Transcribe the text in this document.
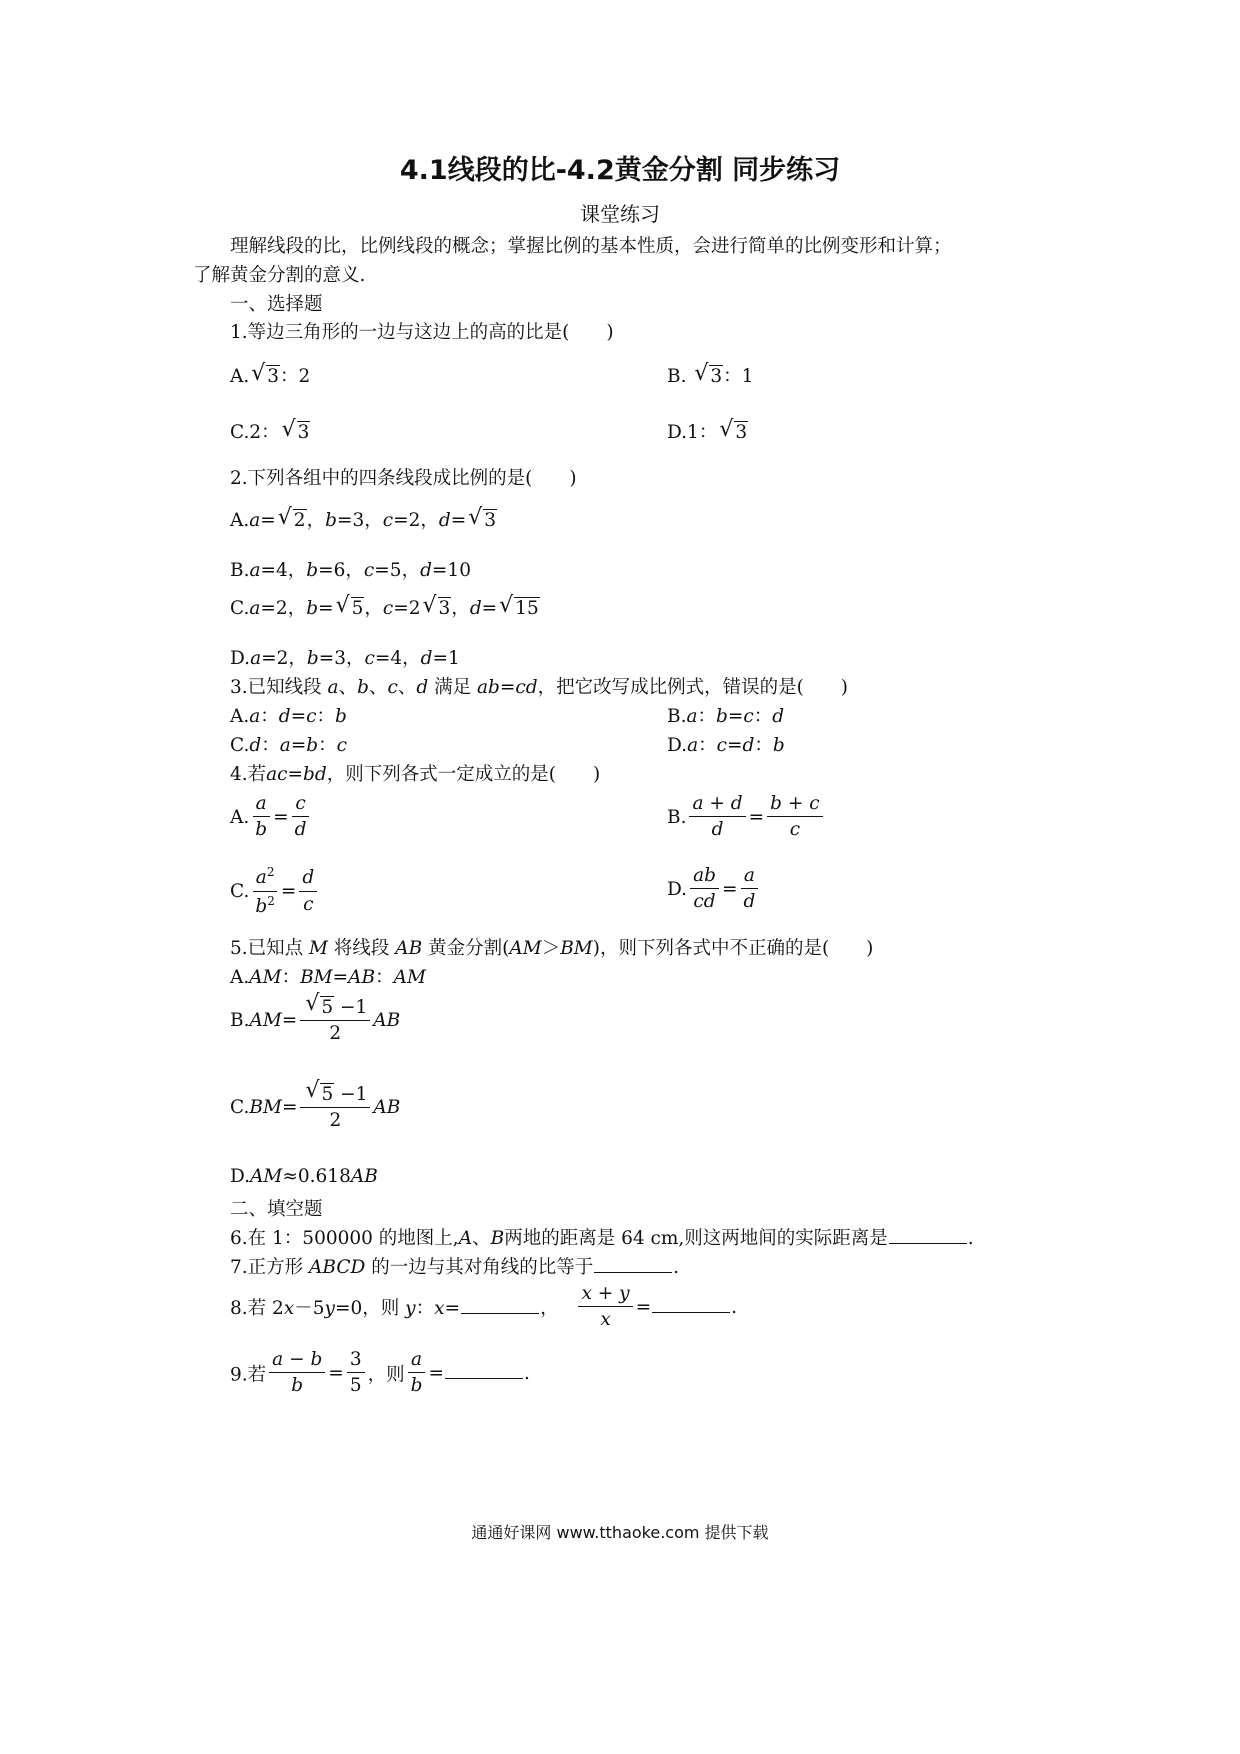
4.1线段的比-4.2黄金分割 同步练习
课堂练习
理解线段的比，比例线段的概念；掌握比例的基本性质，会进行简单的比例变形和计算；
了解黄金分割的意义.
一、选择题
1.等边三角形的一边与这边上的高的比是(　　)
A. √ 3：2	B. √ 3：1
C.2： √ 3	D.1： √ 3
2.下列各组中的四条线段成比例的是(　　)
A.a= √ 2，b=3，c=2，d= √ 3
B.a=4，b=6，c=5，d=10
C.a=2，b= √ 5，c=2 √ 3，d= √ 15
D.a=2，b=3，c=4，d=1
3.已知线段 a、b、c、d 满足 ab=cd，把它改写成比例式，错误的是(　　)
A.a：d=c：b	B.a：b=c：d
C.d：a=b：c	D.a：c=d：b
4.若ac=bd，则下列各式一定成立的是(　　)
A. $\frac{a}{b} = \frac{c}{d}$	B. $\frac{a + d}{d} = \frac{b + c}{c}$
C. $\frac{a^2}{b^2} = \frac{d}{c}$	D. $\frac{ab}{cd} = \frac{a}{d}$
5.已知点 M 将线段 AB 黄金分割(AM＞BM)，则下列各式中不正确的是(　　)
A.AM：BM=AB：AM
B.AM= √ $\frac{5 -1}{2}$ AB
C.BM= √ $\frac{5 -1}{2}$ AB
D.AM≈0.618AB
二、填空题
6.在 1：500000 的地图上,A、B两地的距离是 64 cm,则这两地间的实际距离是	.
7.正方形 ABCD 的一边与其对角线的比等于	.
8.若 2x－5y=0，则 y：x=	， $\frac{x + y}{x}$ =	.
9.若 $\frac{a - b}{b} = \frac{3}{5}$ ，则 $\frac{a}{b}$ =	.
通通好课网 www.tthaoke.com 提供下载
